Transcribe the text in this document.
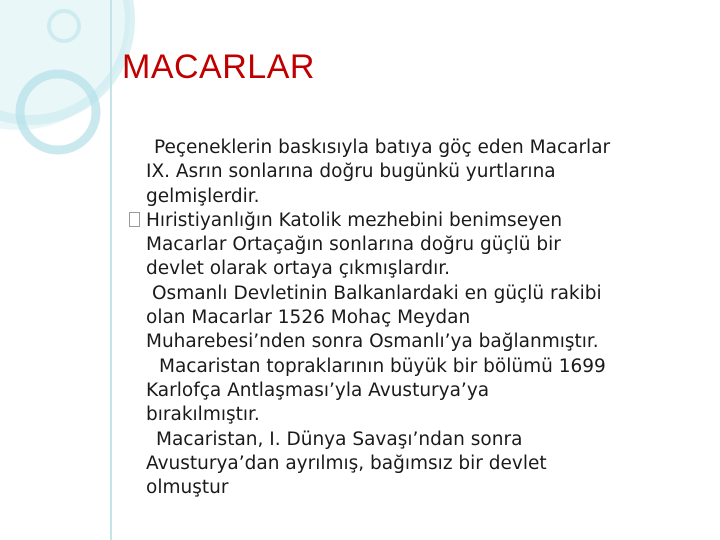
MACARLAR
Peçeneklerin baskısıyla batıya göç eden Macarlar
IX. Asrın sonlarına doğru bugünkü yurtlarına
gelmişlerdir.
Hıristiyanlığın Katolik mezhebini benimseyen
Macarlar Ortaçağın sonlarına doğru güçlü bir
devlet olarak ortaya çıkmışlardır.
Osmanlı Devletinin Balkanlardaki en güçlü rakibi
olan Macarlar 1526 Mohaç Meydan
Muharebesi’nden sonra Osmanlı’ya bağlanmıştır.
Macaristan topraklarının büyük bir bölümü 1699
Karlofça Antlaşması’yla Avusturya’ya
bırakılmıştır.
Macaristan, I. Dünya Savaşı’ndan sonra
Avusturya’dan ayrılmış, bağımsız bir devlet
olmuştur
